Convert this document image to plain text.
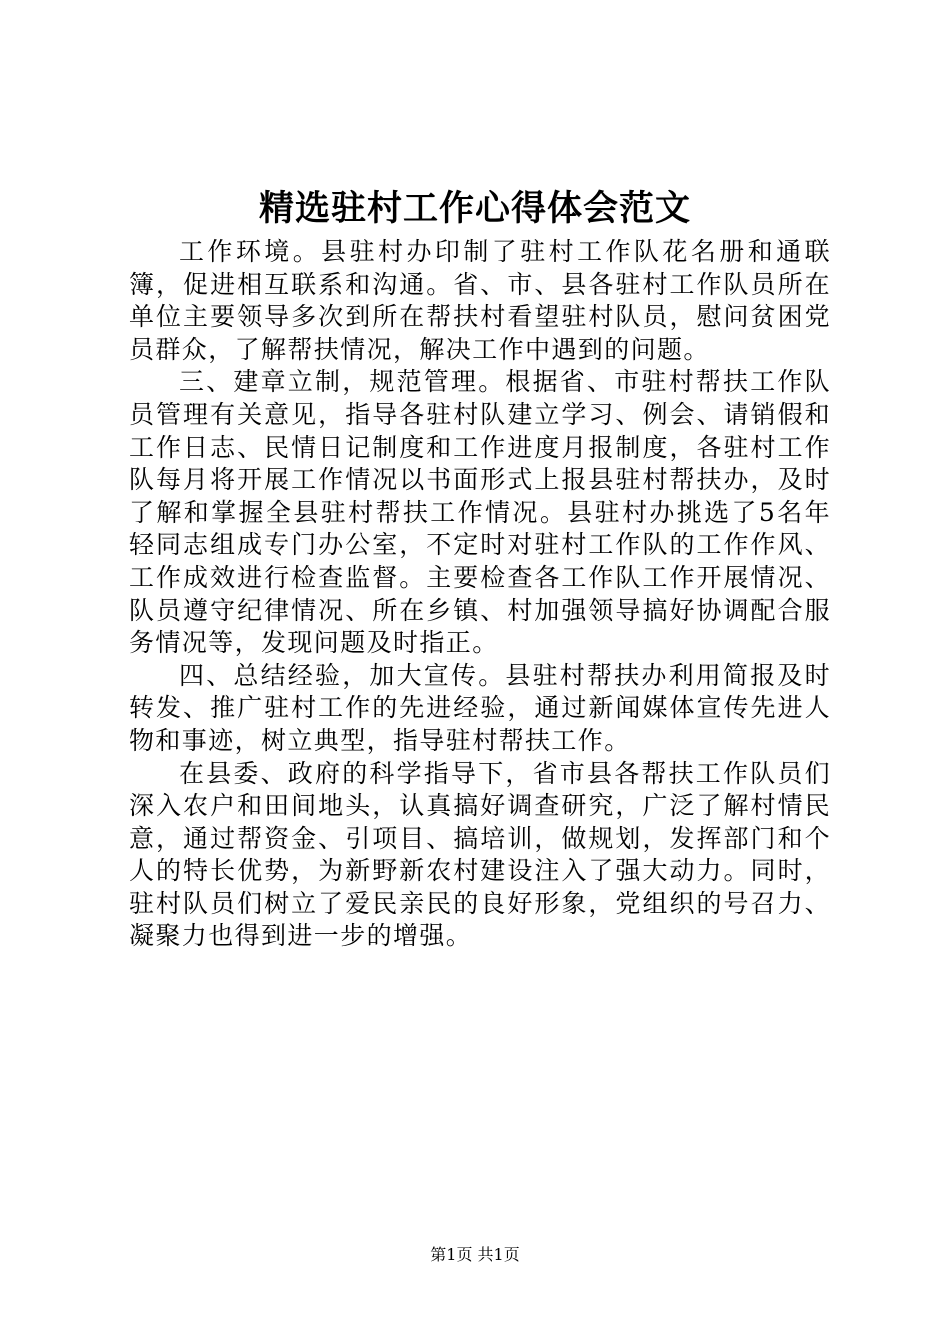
精选驻村工作心得体会范文

工作环境。县驻村办印制了驻村工作队花名册和通联簿，促进相互联系和沟通。省、市、县各驻村工作队员所在单位主要领导多次到所在帮扶村看望驻村队员，慰问贫困党员群众，了解帮扶情况，解决工作中遇到的问题。

三、建章立制，规范管理。根据省、市驻村帮扶工作队员管理有关意见，指导各驻村队建立学习、例会、请销假和工作日志、民情日记制度和工作进度月报制度，各驻村工作队每月将开展工作情况以书面形式上报县驻村帮扶办，及时了解和掌握全县驻村帮扶工作情况。县驻村办挑选了5名年轻同志组成专门办公室，不定时对驻村工作队的工作作风、工作成效进行检查监督。主要检查各工作队工作开展情况、队员遵守纪律情况、所在乡镇、村加强领导搞好协调配合服务情况等，发现问题及时指正。

四、总结经验，加大宣传。县驻村帮扶办利用简报及时转发、推广驻村工作的先进经验，通过新闻媒体宣传先进人物和事迹，树立典型，指导驻村帮扶工作。

在县委、政府的科学指导下，省市县各帮扶工作队员们深入农户和田间地头，认真搞好调查研究，广泛了解村情民意，通过帮资金、引项目、搞培训，做规划，发挥部门和个人的特长优势，为新野新农村建设注入了强大动力。同时，驻村队员们树立了爱民亲民的良好形象，党组织的号召力、凝聚力也得到进一步的增强。

第1页 共1页
